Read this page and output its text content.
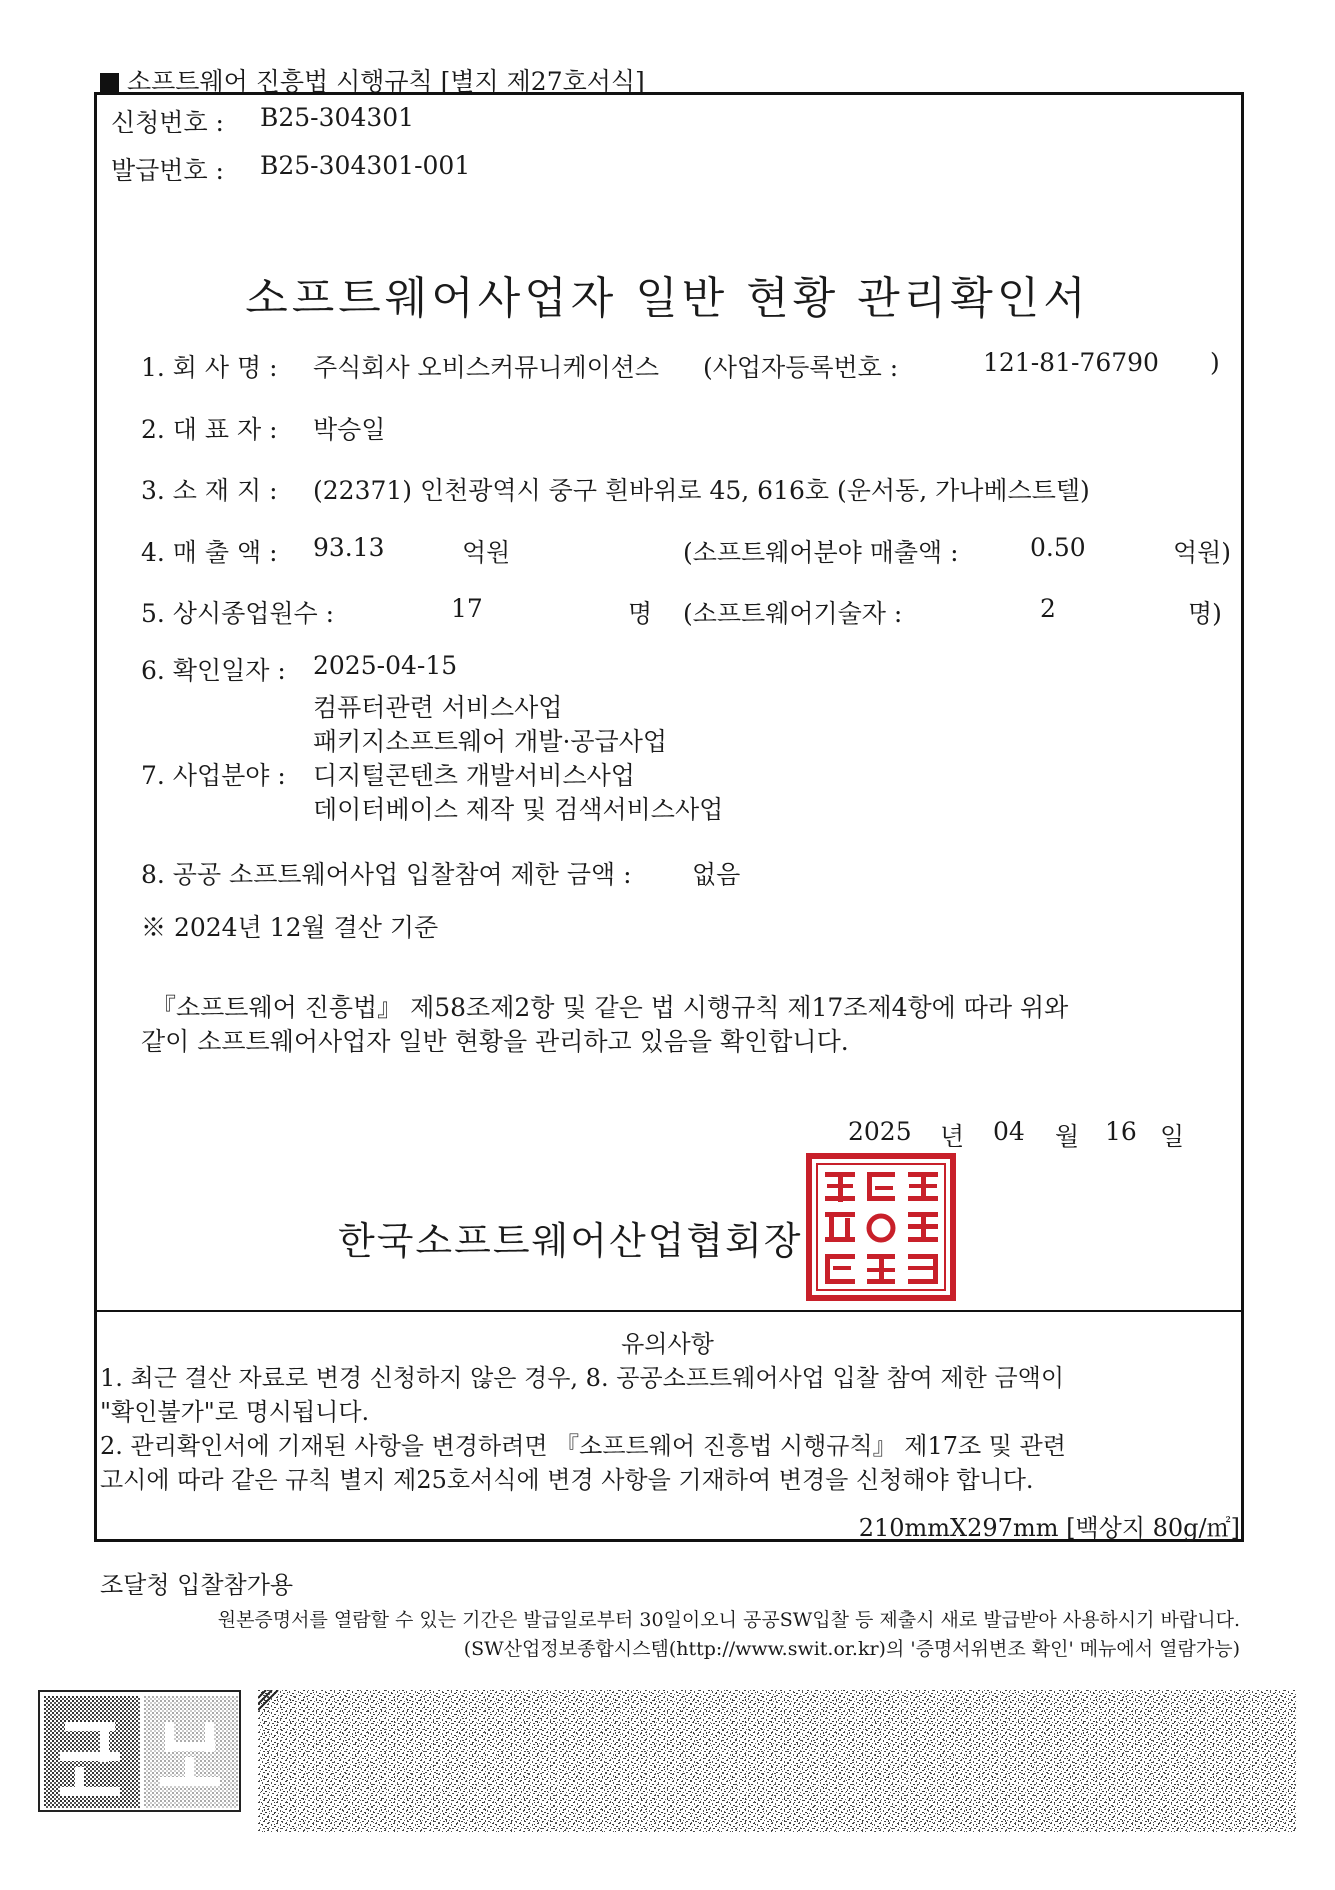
소프트웨어 진흥법 시행규칙 [별지 제27호서식]
신청번호 : B25-304301
발급번호 : B25-304301-001
소프트웨어사업자 일반 현황 관리확인서
1. 회 사 명 : 주식회사 오비스커뮤니케이션스 (사업자등록번호 :	121-81-76790 )
2. 대 표 자 : 박승일
3. 소 재 지 : (22371) 인천광역시 중구 흰바위로 45, 616호 (운서동, 가나베스트텔)
4. 매 출 액 : 93.13	억원	(소프트웨어분야 매출액 :	0.50	억원)
5. 상시종업원수 :	17	명 (소프트웨어기술자 :	2	명)
6. 확인일자 : 2025-04-15
컴퓨터관련 서비스사업
패키지소프트웨어 개발·공급사업
7. 사업분야 : 디지털콘텐츠 개발서비스사업
데이터베이스 제작 및 검색서비스사업
8. 공공 소프트웨어사업 입찰참여 제한 금액 : 없음
※ 2024년 12월 결산 기준
『소프트웨어 진흥법』 제58조제2항 및 같은 법 시행규칙 제17조제4항에 따라 위와
같이 소프트웨어사업자 일반 현황을 관리하고 있음을 확인합니다.
2025 년 04 월 16 일
한국소프트웨어산업협회장
유의사항
1. 최근 결산 자료로 변경 신청하지 않은 경우, 8. 공공소프트웨어사업 입찰 참여 제한 금액이
"확인불가"로 명시됩니다.
2. 관리확인서에 기재된 사항을 변경하려면 『소프트웨어 진흥법 시행규칙』 제17조 및 관련
고시에 따라 같은 규칙 별지 제25호서식에 변경 사항을 기재하여 변경을 신청해야 합니다.
210mmX297mm [백상지 80g/㎡]
조달청 입찰참가용
원본증명서를 열람할 수 있는 기간은 발급일로부터 30일이오니 공공SW입찰 등 제출시 새로 발급받아 사용하시기 바랍니다.
(SW산업정보종합시스템(http://www.swit.or.kr)의 '증명서위변조 확인' 메뉴에서 열람가능)
